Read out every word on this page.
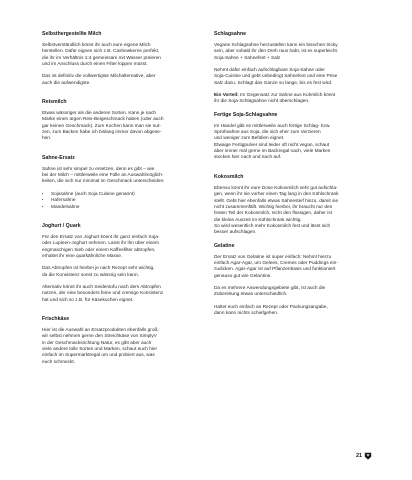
Selbsthergestellte Milch
Selbstverständlich könnt ihr auch eure eigene Milch
herstellen. Dafür eignen sich z.B. Cashewkerne perfekt,
die ihr im Verhältnis 1:4 gemeinsam mit Wasser pürieren
und im Anschluss durch einen Filter kippen müsst.
Das ist definitiv die vollwertigste Milchalternative, aber
auch die aufwendigste.
Reismilch
Etwas wässriger als die anderen Sorten. Kann je nach
Marke einen argen Reis-Beigeschmack haben (oder auch
gar keinen Geschmack). Zum Kochen kann man sie nut-
zen, zum Backen habe ich bislang immer davon abgese-
hen.
Sahne-Ersatz
Sahne ist sehr simpel zu ersetzen, denn es gibt – wie
bei der Milch – mittlerweile eine Fülle an Auswahlmöglich-
keiten, die sich nur minimal im Geschmack unterscheiden:
• Sojasahne (auch Soja Cuisine genannt)
• Hafersahne
• Mandelsahne
Joghurt / Quark
Für den Ersatz von Joghurt könnt ihr ganz einfach Soja-
oder Lupinen-Joghurt nehmen. Lasst ihr ihn über einem
engmaschigen Sieb oder einem Kaffeefilter abtropfen,
erhaltet ihr eine quarkähnliche Masse.
Das Abtropfen ist hierbei je nach Rezept sehr wichtig,
da die Konsistenz sonst zu wässrig sein kann.
Alternativ könnt ihr auch Seidentofu nach dem Abtropfen
nutzen, der eine besonders feine und cremige Konsistenz
hat und sich so z.B. für Käsekuchen eignet.
Frischkäse
Hier ist die Auswahl an Ersatzprodukten ebenfalls groß,
wir selbst nehmen gerne den Streichkäse von SimplyV
in der Geschmacksrichtung Natur, es gibt aber auch
viele andere tolle Sorten und Marken, schaut euch hier
einfach im Supermarktregal um und probiert aus, was
euch schmeckt.
Schlagsahne
Vegane Schlagsahne herzustellen kann ein bisschen tricky
sein, aber sobald ihr den Dreh raus habt, ist es superleicht.
Soja-Sahne + Sahnefest + Salz
Nehmt dafür einfach aufschlagbare Soja-Sahne oder
Soja-Cuisine und gebt unbedingt Sahnefest und eine Prise
Salz dazu. Schlagt das Ganze so lange, bis es fest wird.
Ein Vorteil: Im Gegensatz zur Sahne aus Kuhmilch könnt
ihr die Soja-Schlagsahne nicht überschlagen.
Fertige Soja-Schlagsahne
Im Handel gibt es mittlerweile auch fertige Schlag- bzw.
Sprühsahne aus Soja, die sich eher zum Verzieren
und weniger zum Befüllen eignet.
Etwaige Fertigpulver sind leider oft nicht vegan, schaut
aber immer mal gerne im Backregal nach, viele Marken
stocken hier nach und nach auf.
Kokosmilch
Ebenso könnt ihr eure Dose Kokosmilch sehr gut aufschla-
gen, wenn ihr sie vorher einen Tag lang in den Kühlschrank
stellt. Gebt hier ebenfalls etwas Sahnesteif hinzu, damit sie
nicht zusammenfällt. Wichtig hierbei, ihr braucht nur den
festen Teil der Kokosmilch, nicht den flüssigen, daher ist
die kleine Auszeit im Kühlschrank wichtig.
So wird wesentlich mehr Kokosmilch fest und lässt sich
besser aufschlagen.
Gelatine
Der Ersatz von Gelatine ist super einfach: Nehmt hierzu
einfach Agar-Agar, um Gelees, Cremes oder Puddings ein-
zudicken. Agar-Agar ist auf Pflanzenbasis und funktioniert
genauso gut wie Gelantine.
Da es mehrere Anwendungsgebiete gibt, ist auch die
Zubereitung etwas unterschiedlich.
Haltet euch einfach an Rezept oder Packungsangabe,
dann kann nichts schiefgehen.
21
